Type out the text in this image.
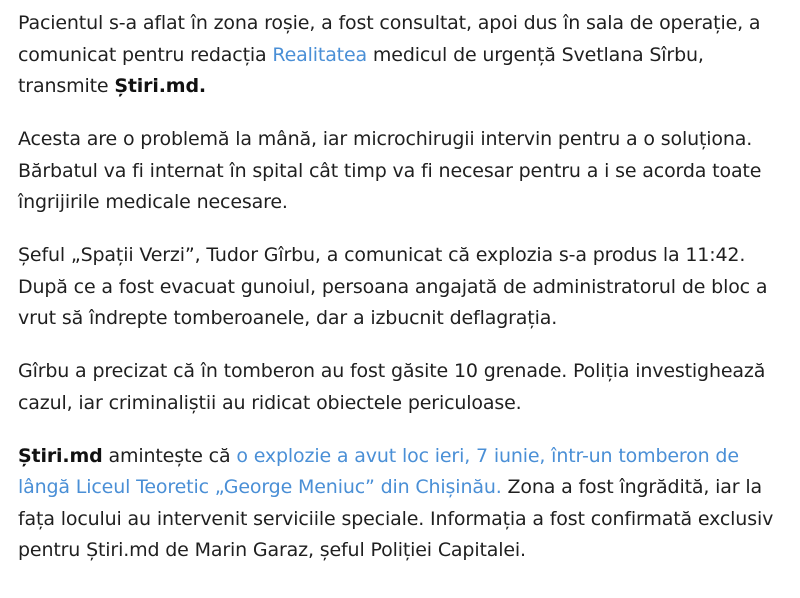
Pacientul s-a aflat în zona roșie, a fost consultat, apoi dus în sala de operație, a comunicat pentru redacția Realitatea medicul de urgență Svetlana Sîrbu, transmite Știri.md.

Acesta are o problemă la mână, iar microchirugii intervin pentru a o soluționa. Bărbatul va fi internat în spital cât timp va fi necesar pentru a i se acorda toate îngrijirile medicale necesare.

Șeful „Spații Verzi”, Tudor Gîrbu, a comunicat că explozia s-a produs la 11:42. După ce a fost evacuat gunoiul, persoana angajată de administratorul de bloc a vrut să îndrepte tomberoanele, dar a izbucnit deflagrația.

Gîrbu a precizat că în tomberon au fost găsite 10 grenade. Poliția investighează cazul, iar criminaliștii au ridicat obiectele periculoase.

Știri.md amintește că o explozie a avut loc ieri, 7 iunie, într-un tomberon de lângă Liceul Teoretic „George Meniuc” din Chișinău. Zona a fost îngrădită, iar la fața locului au intervenit serviciile speciale. Informația a fost confirmată exclusiv pentru Știri.md de Marin Garaz, șeful Poliției Capitalei.
